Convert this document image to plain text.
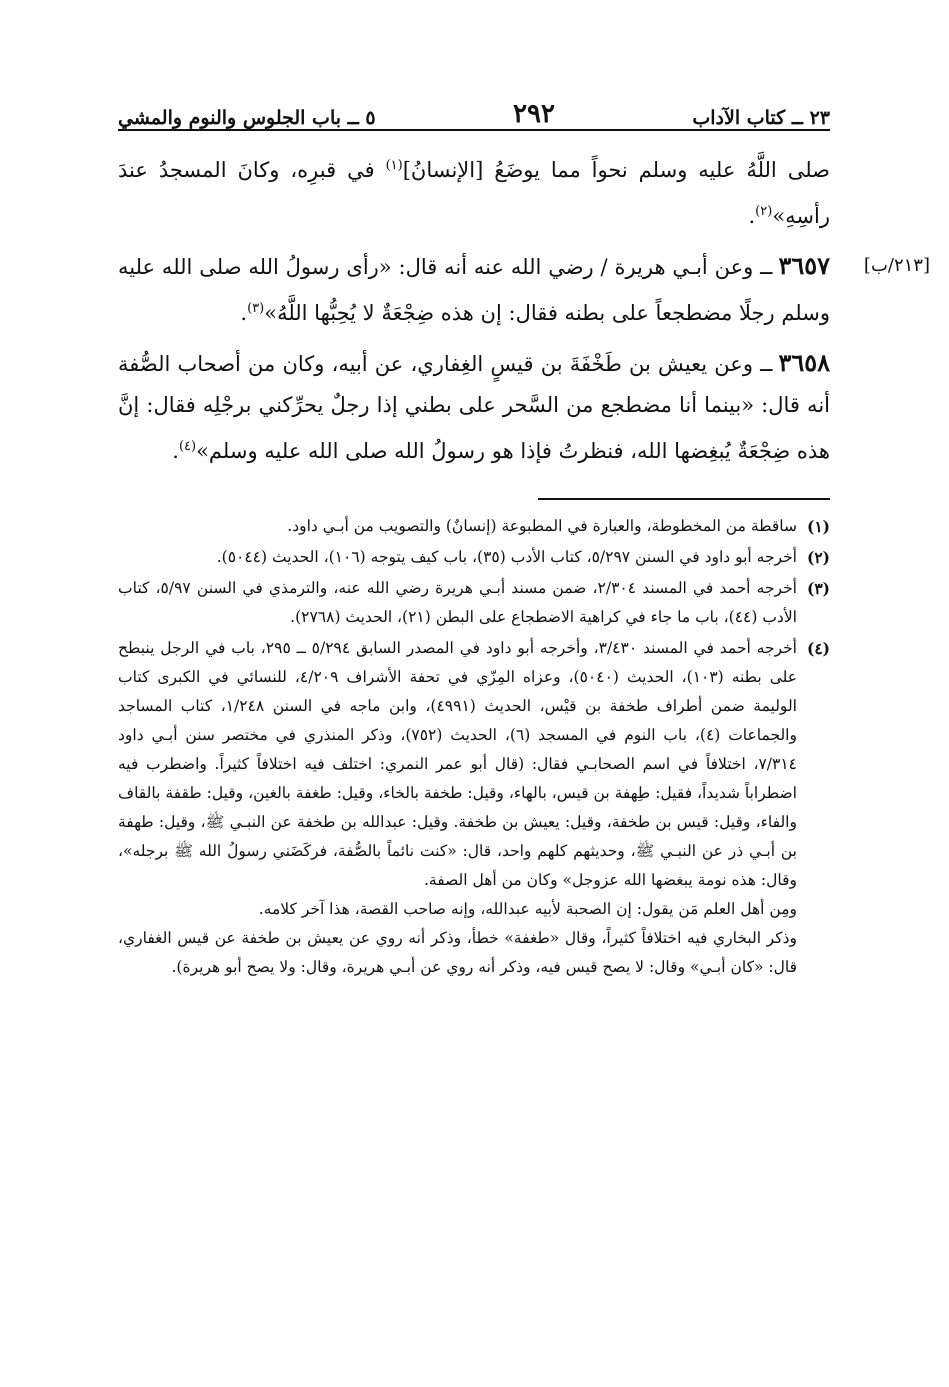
٢٣ ــ كتاب الآداب
٢٩٢
٥ ــ باب الجلوس والنوم والمشي

صلى اللَّهُ عليه وسلم نحواً مما يوضَعُ [الإنسانُ]$^{(١)}$ في قبرِه، وكانَ المسجدُ عندَ رأسِهِ»$^{(٢)}$.

[٢١٣/ب]
٣٦٥٧ــ وعن أبـي هريرة / رضي الله عنه أنه قال: «رأى رسولُ الله صلى الله عليه وسلم رجلًا مضطجعاً على بطنه فقال: إن هذه ضِجْعَةٌ لا يُحِبُّها اللَّهُ»$^{(٣)}$.

٣٦٥٨ــ وعن يعيش بن طَخْفَةَ بن قيسٍ الغِفاري، عن أبيه، وكان من أصحاب الصُّفة أنه قال: «بينما أنا مضطجع من السَّحر على بطني إذا رجلٌ يحرِّكني برجْلِه فقال: إنَّ هذه ضِجْعَةٌ يُبغِضها الله، فنظرتُ فإذا هو رسولُ الله صلى الله عليه وسلم»$^{(٤)}$.

(١)

ساقطة من المخطوطة، والعبارة في المطبوعة (إنسانٌ) والتصويب من أبـي داود.

(٢)

أخرجه أبو داود في السنن ٥/٢٩٧، كتاب الأدب (٣٥)، باب كيف يتوجه (١٠٦)، الحديث (٥٠٤٤).

(٣)

أخرجه أحمد في المسند ٢/٣٠٤، ضمن مسند أبـي هريرة رضي الله عنه، والترمذي في السنن ٥/٩٧، كتاب الأدب (٤٤)، باب ما جاء في كراهية الاضطجاع على البطن (٢١)، الحديث (٢٧٦٨).

(٤)

أخرجه أحمد في المسند ٣/٤٣٠، وأخرجه أبو داود في المصدر السابق ٥/٢٩٤ ــ ٢٩٥، باب في الرجل ينبطح على بطنه (١٠٣)، الحديث (٥٠٤٠)، وعزاه المِزّي في تحفة الأشراف ٤/٢٠٩، للنسائي في الكبرى كتاب الوليمة ضمن أطراف طخفة بن قيْس، الحديث (٤٩٩١)، وابن ماجه في السنن ١/٢٤٨، كتاب المساجد والجماعات (٤)، باب النوم في المسجد (٦)، الحديث (٧٥٢)، وذكر المنذري في مختصر سنن أبـي داود ٧/٣١٤، اختلافاً في اسم الصحابـي فقال: (قال أبو عمر النمري: اختلف فيه اختلافاً كثيراً. واضطرب فيه اضطراباً شديداً، فقيل: طِهفة بن قيس، بالهاء، وقيل: طخفة بالخاء، وقيل: طغفة بالغين، وقيل: طقفة بالقاف والفاء، وقيل: قيس بن طخفة، وقيل: يعيش بن طخفة. وقيل: عبدالله بن طخفة عن النبـي ﷺ، وقيل: طهفة بن أبـي ذر عن النبـي ﷺ، وحديثهم كلهم واحد، قال: «كنت نائماً بالصُّفة، فركَضَني رسولُ الله ﷺ برجله»، وقال: هذه نومة يبغضها الله عزوجل» وكان من أهل الصفة.

ومِن أهل العلم مَن يقول: إن الصحبة لأبيه عبدالله، وإنه صاحب القصة، هذا آخر كلامه.

وذكر البخاري فيه اختلافاً كثيراً، وقال «طغفة» خطأ، وذكر أنه روي عن يعيش بن طخفة عن قيس الغفاري، قال: «كان أبـي» وقال: لا يصح قيس فيه، وذكر أنه روي عن أبـي هريرة، وقال: ولا يصح أبو هريرة).
